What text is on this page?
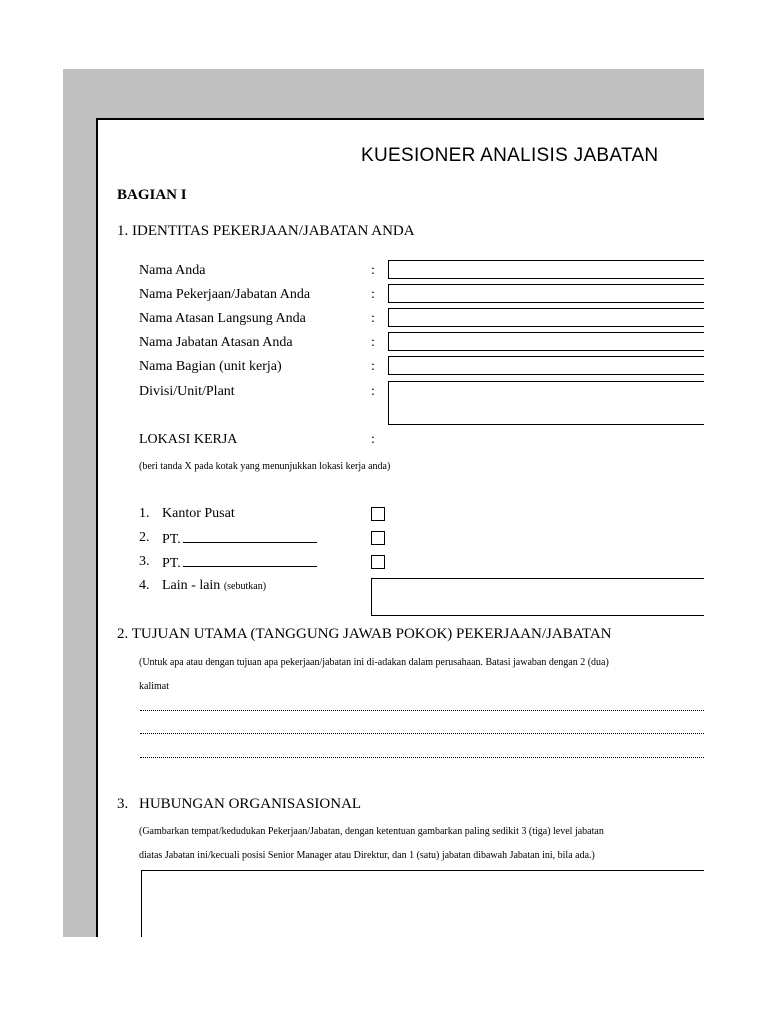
KUESIONER ANALISIS JABATAN
BAGIAN I
1. IDENTITAS PEKERJAAN/JABATAN ANDA
Nama Anda	:
Nama Pekerjaan/Jabatan Anda	:
Nama Atasan Langsung Anda	:
Nama Jabatan Atasan Anda	:
Nama Bagian (unit kerja)	:
Divisi/Unit/Plant	:
LOKASI KERJA	:
(beri tanda X pada kotak yang menunjukkan lokasi kerja anda)
1. Kantor Pusat
2. PT.
3. PT.
4. Lain - lain (sebutkan)
2. TUJUAN UTAMA (TANGGUNG JAWAB POKOK) PEKERJAAN/JABATAN
(Untuk apa atau dengan tujuan apa pekerjaan/jabatan ini di-adakan dalam perusahaan. Batasi jawaban dengan 2 (dua)
kalimat
3. HUBUNGAN ORGANISASIONAL
(Gambarkan tempat/kedudukan Pekerjaan/Jabatan, dengan ketentuan gambarkan paling sedikit 3 (tiga) level jabatan
diatas Jabatan ini/kecuali posisi Senior Manager atau Direktur, dan 1 (satu) jabatan dibawah Jabatan ini, bila ada.)
